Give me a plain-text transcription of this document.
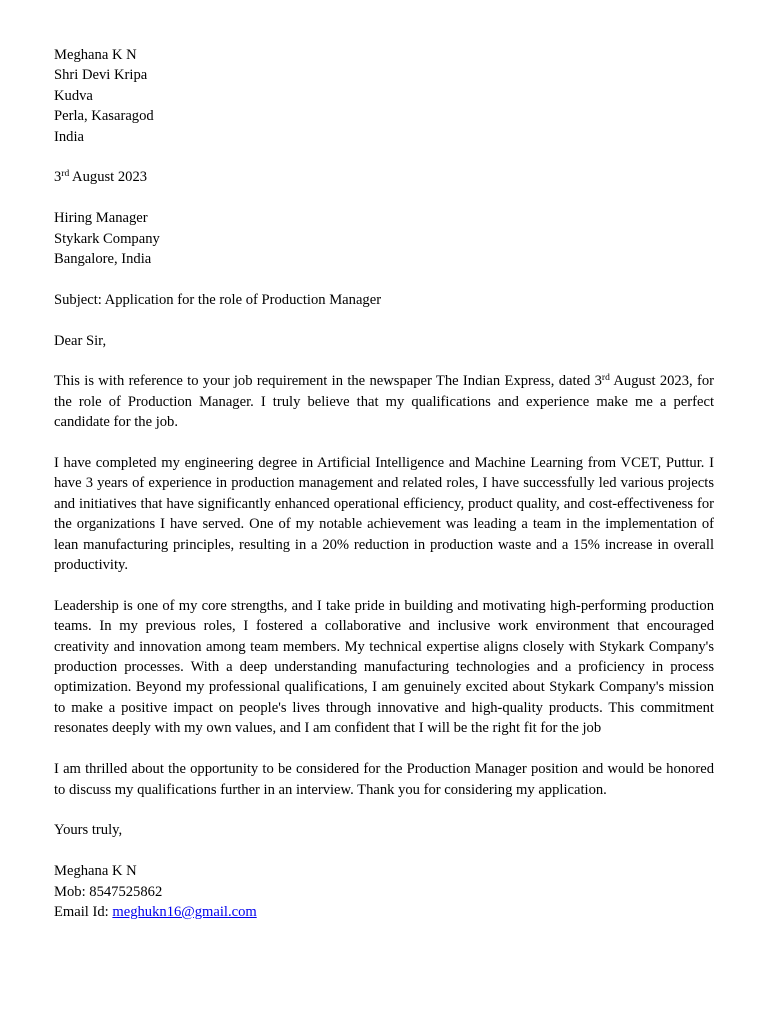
Meghana K N
Shri Devi Kripa
Kudva
Perla, Kasaragod
India
3rd August 2023
Hiring Manager
Stykark Company
Bangalore, India
Subject: Application for the role of Production Manager
Dear Sir,

This is with reference to your job requirement in the newspaper The Indian Express, dated 3rd August 2023, for the role of Production Manager. I truly believe that my qualifications and experience make me a perfect candidate for the job.

I have completed my engineering degree in Artificial Intelligence and Machine Learning from VCET, Puttur. I have 3 years of experience in production management and related roles, I have successfully led various projects and initiatives that have significantly enhanced operational efficiency, product quality, and cost-effectiveness for the organizations I have served. One of my notable achievement was leading a team in the implementation of lean manufacturing principles, resulting in a 20% reduction in production waste and a 15% increase in overall productivity.

Leadership is one of my core strengths, and I take pride in building and motivating high-performing production teams. In my previous roles, I fostered a collaborative and inclusive work environment that encouraged creativity and innovation among team members. My technical expertise aligns closely with Stykark Company's production processes. With a deep understanding manufacturing technologies and a proficiency in process optimization. Beyond my professional qualifications, I am genuinely excited about Stykark Company's mission to make a positive impact on people's lives through innovative and high-quality products. This commitment resonates deeply with my own values, and I am confident that I will be the right fit for the job

I am thrilled about the opportunity to be considered for the Production Manager position and would be honored to discuss my qualifications further in an interview. Thank you for considering my application.

Yours truly,
Meghana K N
Mob: 8547525862
Email Id: meghukn16@gmail.com
